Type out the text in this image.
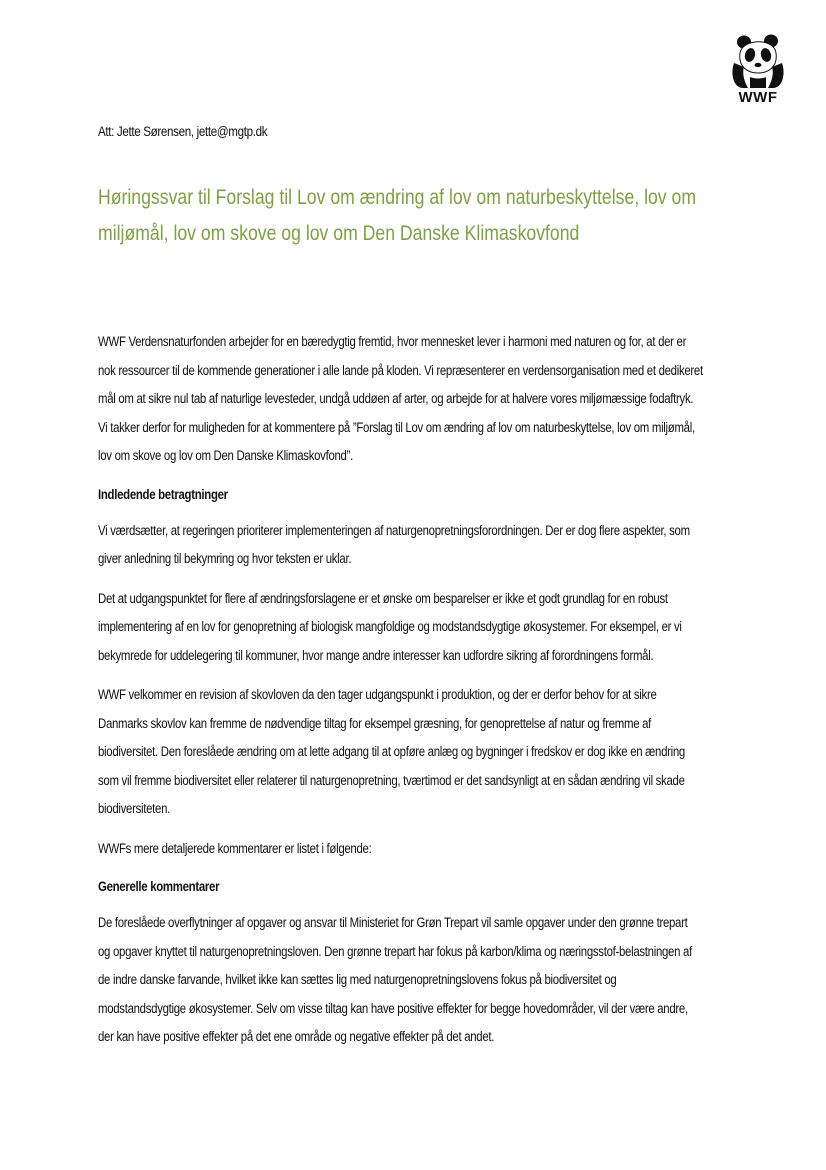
WWF
Att: Jette Sørensen, jette@mgtp.dk
Høringssvar til Forslag til Lov om ændring af lov om naturbeskyttelse, lov om
miljømål, lov om skove og lov om Den Danske Klimaskovfond

WWF Verdensnaturfonden arbejder for en bæredygtig fremtid, hvor mennesket lever i harmoni med naturen og for, at der er
nok ressourcer til de kommende generationer i alle lande på kloden. Vi repræsenterer en verdensorganisation med et dedikeret
mål om at sikre nul tab af naturlige levesteder, undgå uddøen af arter, og arbejde for at halvere vores miljømæssige fodaftryk.
Vi takker derfor for muligheden for at kommentere på ”Forslag til Lov om ændring af lov om naturbeskyttelse, lov om miljømål,
lov om skove og lov om Den Danske Klimaskovfond”.

Indledende betragtninger

Vi værdsætter, at regeringen prioriterer implementeringen af naturgenopretningsforordningen. Der er dog flere aspekter, som
giver anledning til bekymring og hvor teksten er uklar.

Det at udgangspunktet for flere af ændringsforslagene er et ønske om besparelser er ikke et godt grundlag for en robust
implementering af en lov for genopretning af biologisk mangfoldige og modstandsdygtige økosystemer. For eksempel, er vi
bekymrede for uddelegering til kommuner, hvor mange andre interesser kan udfordre sikring af forordningens formål.

WWF velkommer en revision af skovloven da den tager udgangspunkt i produktion, og der er derfor behov for at sikre
Danmarks skovlov kan fremme de nødvendige tiltag for eksempel græsning, for genoprettelse af natur og fremme af
biodiversitet. Den foreslåede ændring om at lette adgang til at opføre anlæg og bygninger i fredskov er dog ikke en ændring
som vil fremme biodiversitet eller relaterer til naturgenopretning, tværtimod er det sandsynligt at en sådan ændring vil skade
biodiversiteten.

WWFs mere detaljerede kommentarer er listet i følgende:

Generelle kommentarer

De foreslåede overflytninger af opgaver og ansvar til Ministeriet for Grøn Trepart vil samle opgaver under den grønne trepart
og opgaver knyttet til naturgenopretningsloven. Den grønne trepart har fokus på karbon/klima og næringsstof-belastningen af
de indre danske farvande, hvilket ikke kan sættes lig med naturgenopretningslovens fokus på biodiversitet og
modstandsdygtige økosystemer. Selv om visse tiltag kan have positive effekter for begge hovedområder, vil der være andre,
der kan have positive effekter på det ene område og negative effekter på det andet.
